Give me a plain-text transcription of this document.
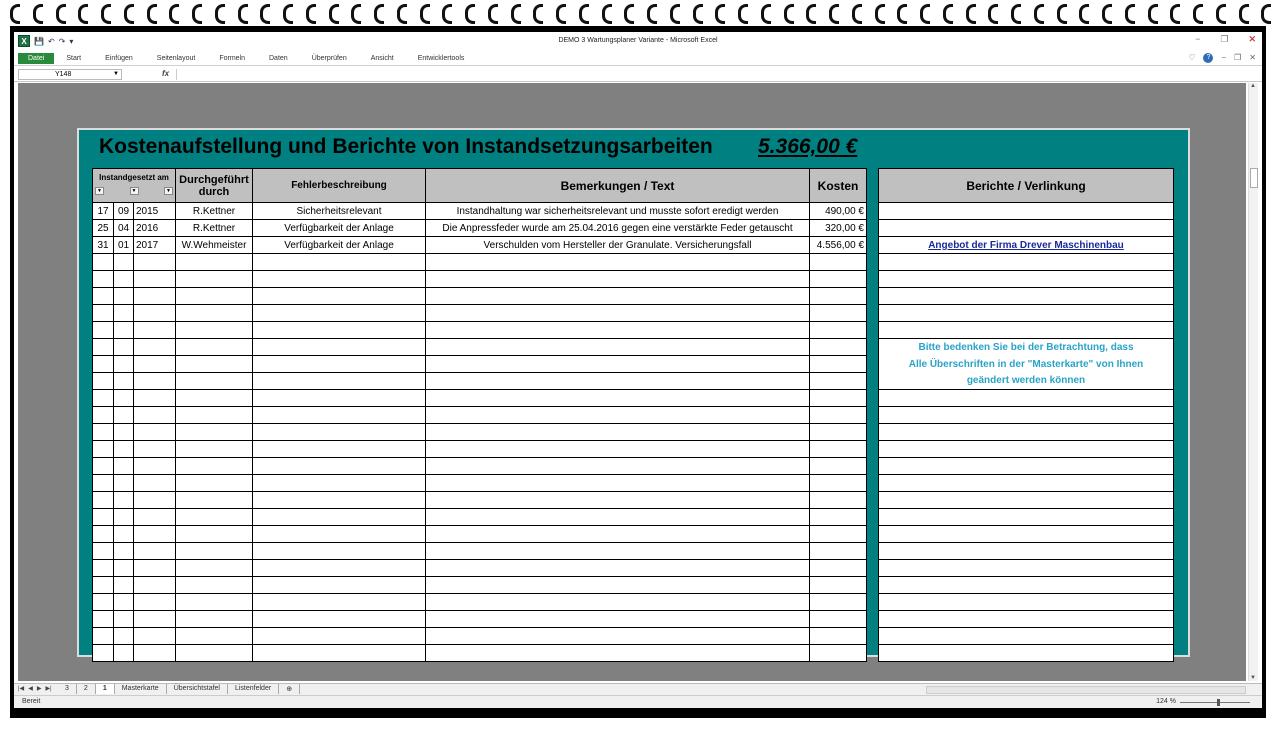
X 💾 ↶ ↷ ▾	DEMO 3 Wartungsplaner Variante - Microsoft Excel	− ❐ ✕
Datei	Start	Einfügen	Seitenlayout	Formeln	Daten	Überprüfen	Ansicht	Entwicklertools	♡	?	− ❐ ✕
Y148	▼	fx
Kostenaufstellung und Berichte von Instandsetzungsarbeiten 5.366,00 €
Instandgesetzt am
▼ ▼ ▼			Durchgeführt durch	Fehlerbeschreibung	Bemerkungen / Text	Kosten
17	09	2015	R.Kettner	Sicherheitsrelevant	Instandhaltung war sicherheitsrelevant und musste sofort eredigt werden	490,00 €
25	04	2016	R.Kettner	Verfügbarkeit der Anlage	Die Anpressfeder wurde am 25.04.2016 gegen eine verstärkte Feder getauscht	320,00 €
31	01	2017	W.Wehmeister	Verfügbarkeit der Anlage	Verschulden vom Hersteller der Granulate. Versicherungsfall	4.556,00 €

Berichte / Verlinkung

Angebot der Firma Drever Maschinenbau

Bitte bedenken Sie bei der Betrachtung, dass
Alle Überschriften in der "Masterkarte" von Ihnen
geändert werden können

▲
▼
|◀ ◀ ▶ ▶|	3	2	1	Masterkarte	Übersichtstafel	Listenfelder	⊕
Bereit	124 %
